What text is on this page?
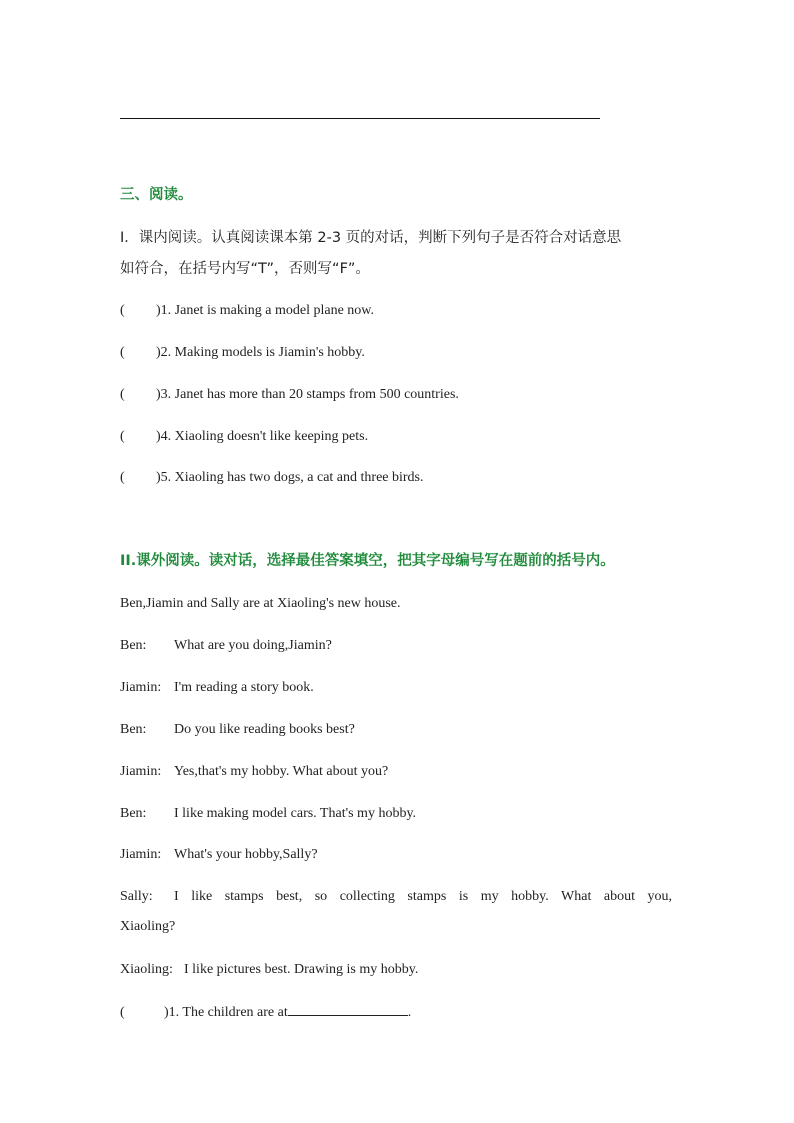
三、阅读。
I．课内阅读。认真阅读课本第 2-3 页的对话，判断下列句子是否符合对话意思
如符合，在括号内写“T”，否则写“F”。
( )1. Janet is making a model plane now.
( )2. Making models is Jiamin's hobby.
( )3. Janet has more than 20 stamps from 500 countries.
( )4. Xiaoling doesn't like keeping pets.
( )5. Xiaoling has two dogs, a cat and three birds.
II.课外阅读。读对话，选择最佳答案填空，把其字母编号写在题前的括号内。
Ben,Jiamin and Sally are at Xiaoling's new house.
Ben: What are you doing,Jiamin?
Jiamin: I'm reading a story book.
Ben: Do you like reading books best?
Jiamin: Yes,that's my hobby. What about you?
Ben: I like making model cars. That's my hobby.
Jiamin: What's your hobby,Sally?
Sally: I like stamps best, so collecting stamps is my hobby. What about you,
Xiaoling?
Xiaoling: I like pictures best. Drawing is my hobby.
(	)1. The children are at	.
